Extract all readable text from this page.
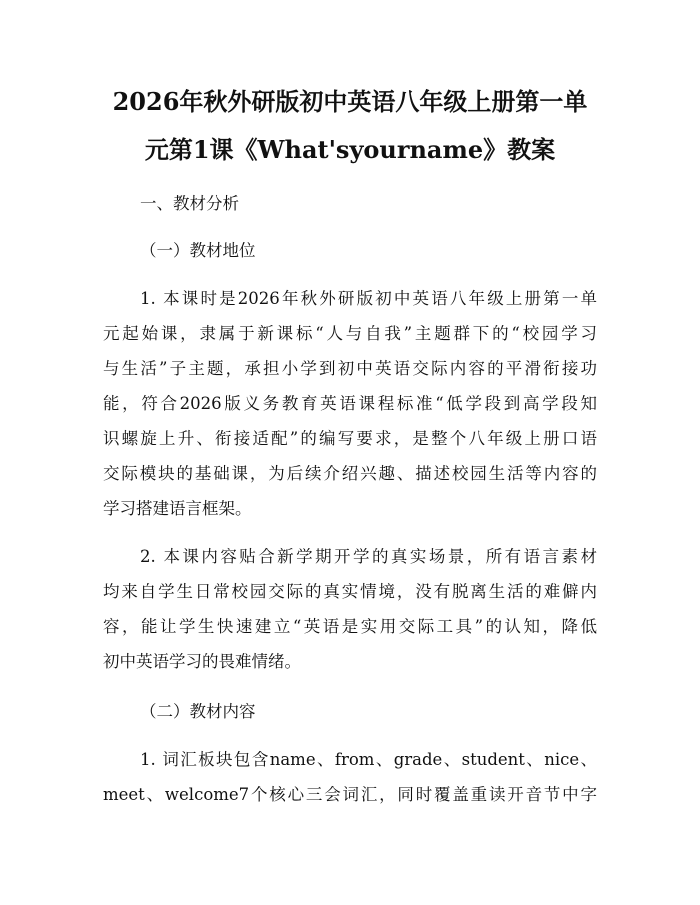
2026年秋外研版初中英语八年级上册第一单
元第1课《What'syourname》教案
一、教材分析
（一）教材地位
1. 本课时是2026年秋外研版初中英语八年级上册第一单
元起始课，隶属于新课标“人与自我”主题群下的“校园学习
与生活”子主题，承担小学到初中英语交际内容的平滑衔接功
能，符合2026版义务教育英语课程标准“低学段到高学段知
识螺旋上升、衔接适配”的编写要求，是整个八年级上册口语
交际模块的基础课，为后续介绍兴趣、描述校园生活等内容的
学习搭建语言框架。
2. 本课内容贴合新学期开学的真实场景，所有语言素材
均来自学生日常校园交际的真实情境，没有脱离生活的难僻内
容，能让学生快速建立“英语是实用交际工具”的认知，降低
初中英语学习的畏难情绪。
（二）教材内容
1. 词汇板块包含name、from、grade、student、nice、
meet、welcome7个核心三会词汇，同时覆盖重读开音节中字
